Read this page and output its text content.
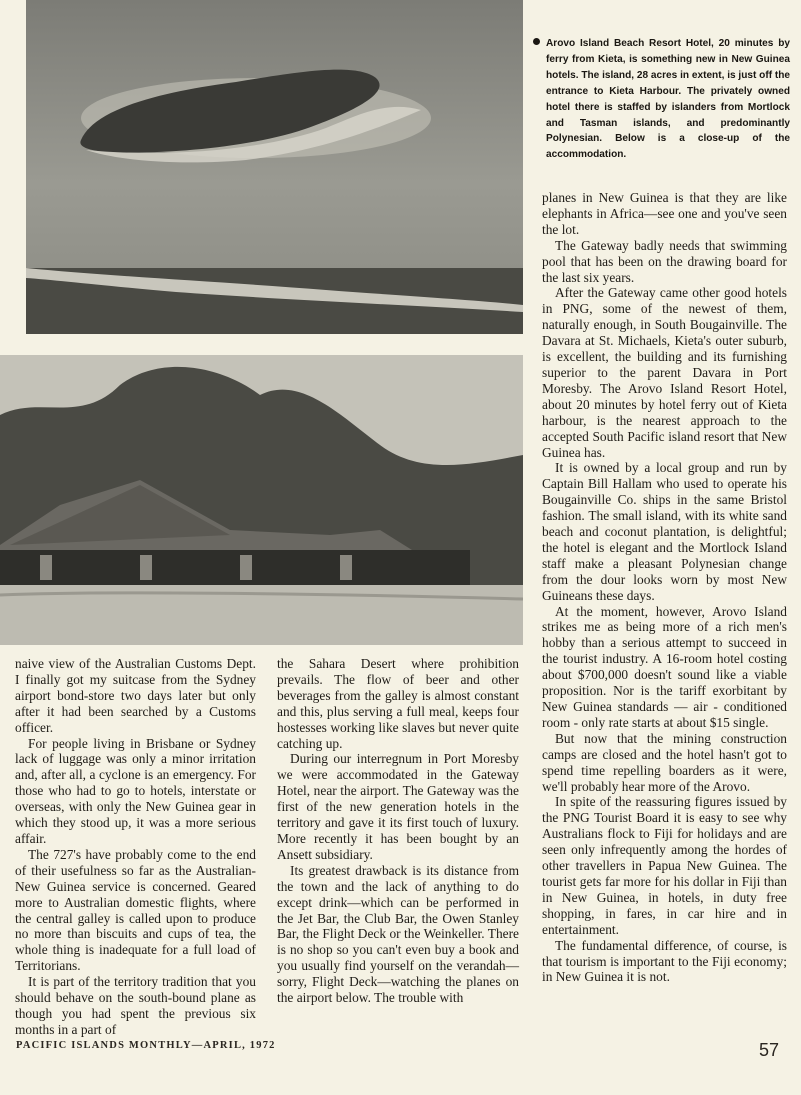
Arovo Island Beach Resort Hotel, 20 minutes by ferry from Kieta, is something new in New Guinea hotels. The island, 28 acres in extent, is just off the entrance to Kieta Harbour. The privately owned hotel there is staffed by islanders from Mortlock and Tasman islands, and predominantly Polynesian. Below is a close-up of the accommodation.

naive view of the Australian Customs Dept. I finally got my suitcase from the Sydney airport bond-store two days later but only after it had been searched by a Customs officer.

For people living in Brisbane or Sydney lack of luggage was only a minor irritation and, after all, a cyclone is an emergency. For those who had to go to hotels, interstate or overseas, with only the New Guinea gear in which they stood up, it was a more serious affair.

The 727's have probably come to the end of their usefulness so far as the Australian-New Guinea service is concerned. Geared more to Australian domestic flights, where the central galley is called upon to produce no more than biscuits and cups of tea, the whole thing is inadequate for a full load of Territorians.

It is part of the territory tradition that you should behave on the south-bound plane as though you had spent the previous six months in a part of

the Sahara Desert where prohibition prevails. The flow of beer and other beverages from the galley is almost constant and this, plus serving a full meal, keeps four hostesses working like slaves but never quite catching up.

During our interregnum in Port Moresby we were accommodated in the Gateway Hotel, near the airport. The Gateway was the first of the new generation hotels in the territory and gave it its first touch of luxury. More recently it has been bought by an Ansett subsidiary.

Its greatest drawback is its distance from the town and the lack of anything to do except drink—which can be performed in the Jet Bar, the Club Bar, the Owen Stanley Bar, the Flight Deck or the Weinkeller. There is no shop so you can't even buy a book and you usually find yourself on the verandah—sorry, Flight Deck—watching the planes on the airport below. The trouble with

planes in New Guinea is that they are like elephants in Africa—see one and you've seen the lot.

The Gateway badly needs that swimming pool that has been on the drawing board for the last six years.

After the Gateway came other good hotels in PNG, some of the newest of them, naturally enough, in South Bougainville. The Davara at St. Michaels, Kieta's outer suburb, is excellent, the building and its furnishing superior to the parent Davara in Port Moresby. The Arovo Island Resort Hotel, about 20 minutes by hotel ferry out of Kieta harbour, is the nearest approach to the accepted South Pacific island resort that New Guinea has.

It is owned by a local group and run by Captain Bill Hallam who used to operate his Bougainville Co. ships in the same Bristol fashion. The small island, with its white sand beach and coconut plantation, is delightful; the hotel is elegant and the Mortlock Island staff make a pleasant Polynesian change from the dour looks worn by most New Guineans these days.

At the moment, however, Arovo Island strikes me as being more of a rich men's hobby than a serious attempt to succeed in the tourist industry. A 16-room hotel costing about $700,000 doesn't sound like a viable proposition. Nor is the tariff exorbitant by New Guinea standards — air - conditioned room - only rate starts at about $15 single.

But now that the mining construction camps are closed and the hotel hasn't got to spend time repelling boarders as it were, we'll probably hear more of the Arovo.

In spite of the reassuring figures issued by the PNG Tourist Board it is easy to see why Australians flock to Fiji for holidays and are seen only infrequently among the hordes of other travellers in Papua New Guinea. The tourist gets far more for his dollar in Fiji than in New Guinea, in hotels, in duty free shopping, in fares, in car hire and in entertainment.

The fundamental difference, of course, is that tourism is important to the Fiji economy; in New Guinea it is not.

PACIFIC ISLANDS MONTHLY—APRIL, 1972	57
